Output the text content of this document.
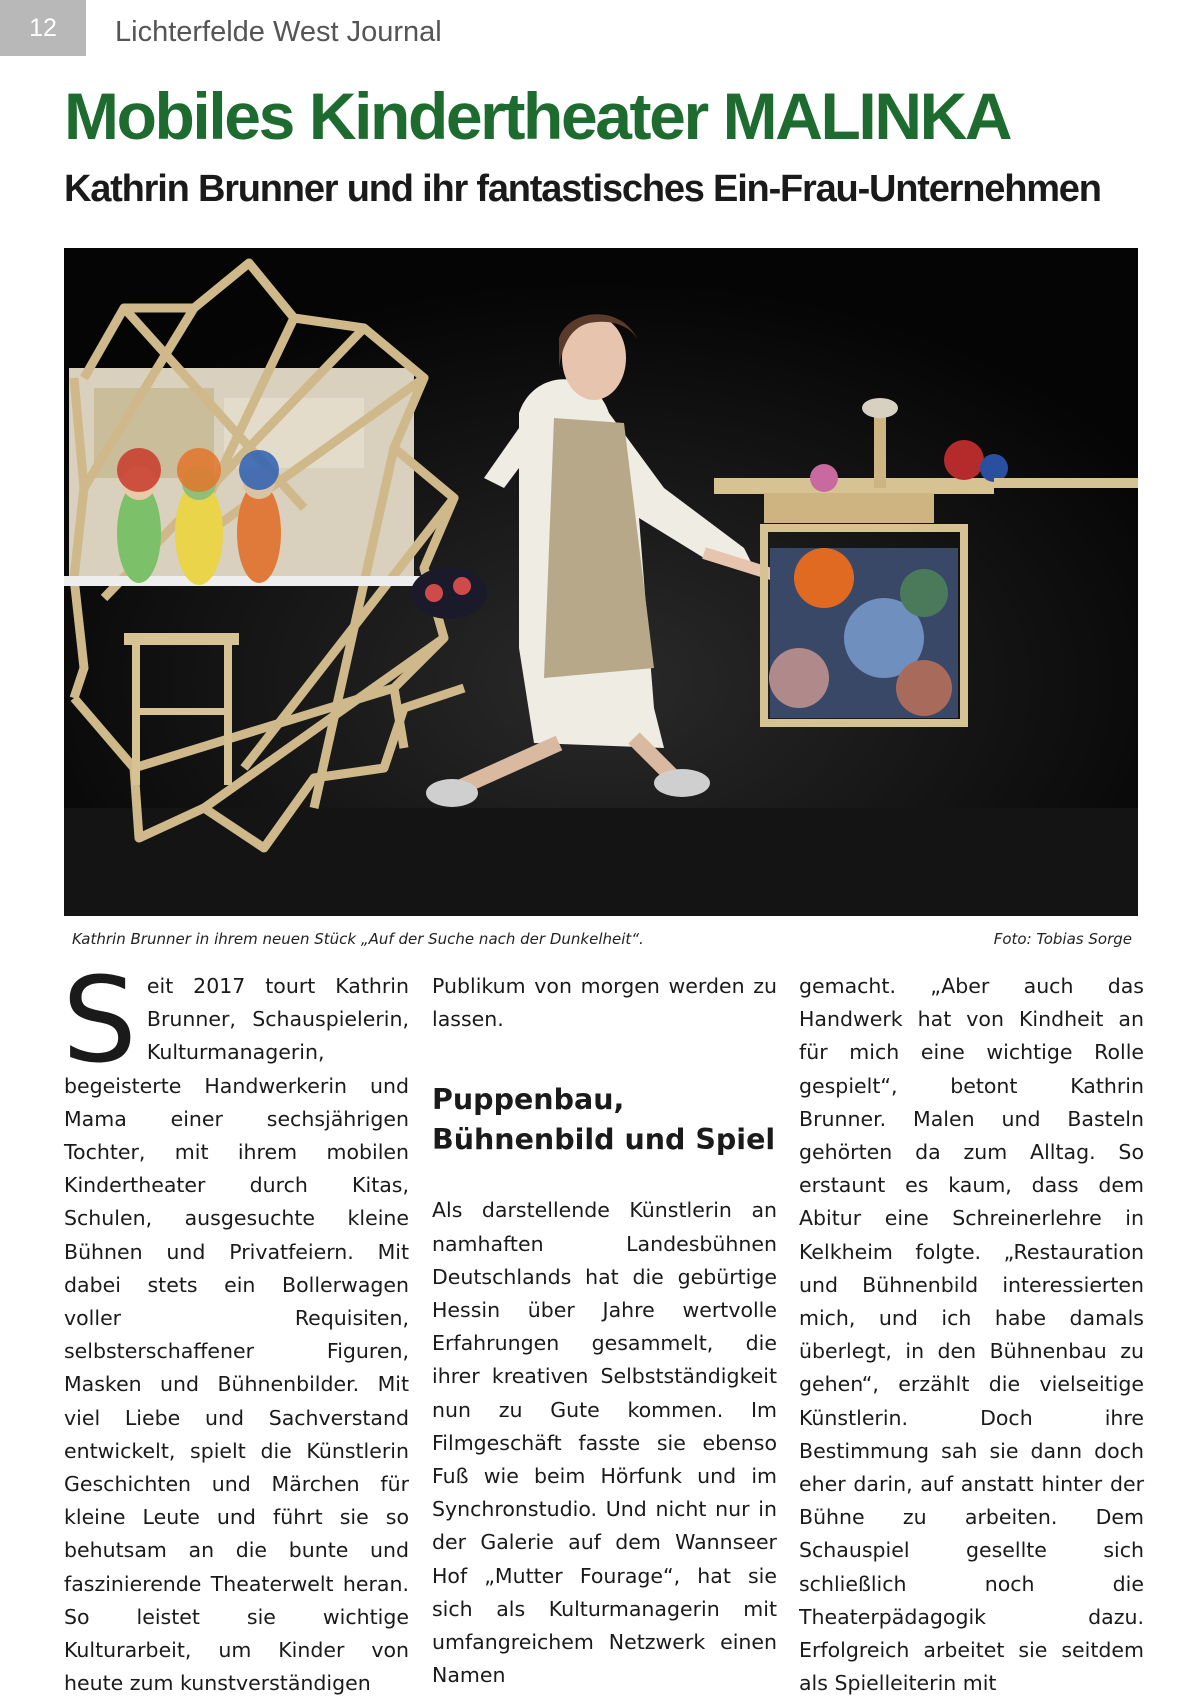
12	Lichterfelde West Journal
Mobiles Kindertheater MALINKA
Kathrin Brunner und ihr fantastisches Ein-Frau-Unternehmen
Kathrin Brunner in ihrem neuen Stück „Auf der Suche nach der Dunkelheit“.	Foto: Tobias Sorge
S eit 2017 tourt Kathrin Brunner, Schauspielerin, Kulturmanagerin, begeisterte Handwerkerin und Mama einer sechsjährigen Tochter, mit ihrem mobilen Kindertheater durch Kitas, Schulen, ausgesuchte kleine Bühnen und Privatfeiern. Mit dabei stets ein Bollerwagen voller Requisiten, selbsterschaffener Figuren, Masken und Bühnenbilder. Mit viel Liebe und Sachverstand entwickelt, spielt die Künstlerin Geschichten und Märchen für kleine Leute und führt sie so behutsam an die bunte und faszinierende Theaterwelt heran. So leistet sie wichtige Kulturarbeit, um Kinder von heute zum kunstverständigen

Publikum von morgen werden zu lassen.

Puppenbau, Bühnenbild und Spiel

Als darstellende Künstlerin an namhaften Landesbühnen Deutschlands hat die gebürtige Hessin über Jahre wertvolle Erfahrungen gesammelt, die ihrer kreativen Selbstständigkeit nun zu Gute kommen. Im Filmgeschäft fasste sie ebenso Fuß wie beim Hörfunk und im Synchronstudio. Und nicht nur in der Galerie auf dem Wannseer Hof „Mutter Fourage“, hat sie sich als Kulturmanagerin mit umfangreichem Netzwerk einen Namen

gemacht. „Aber auch das Handwerk hat von Kindheit an für mich eine wichtige Rolle gespielt“, betont Kathrin Brunner. Malen und Basteln gehörten da zum Alltag. So erstaunt es kaum, dass dem Abitur eine Schreinerlehre in Kelkheim folgte. „Restauration und Bühnenbild interessierten mich, und ich habe damals überlegt, in den Bühnenbau zu gehen“, erzählt die vielseitige Künstlerin. Doch ihre Bestimmung sah sie dann doch eher darin, auf anstatt hinter der Bühne zu arbeiten. Dem Schauspiel gesellte sich schließlich noch die Theaterpädagogik dazu. Erfolgreich arbeitet sie seitdem als Spielleiterin mit
